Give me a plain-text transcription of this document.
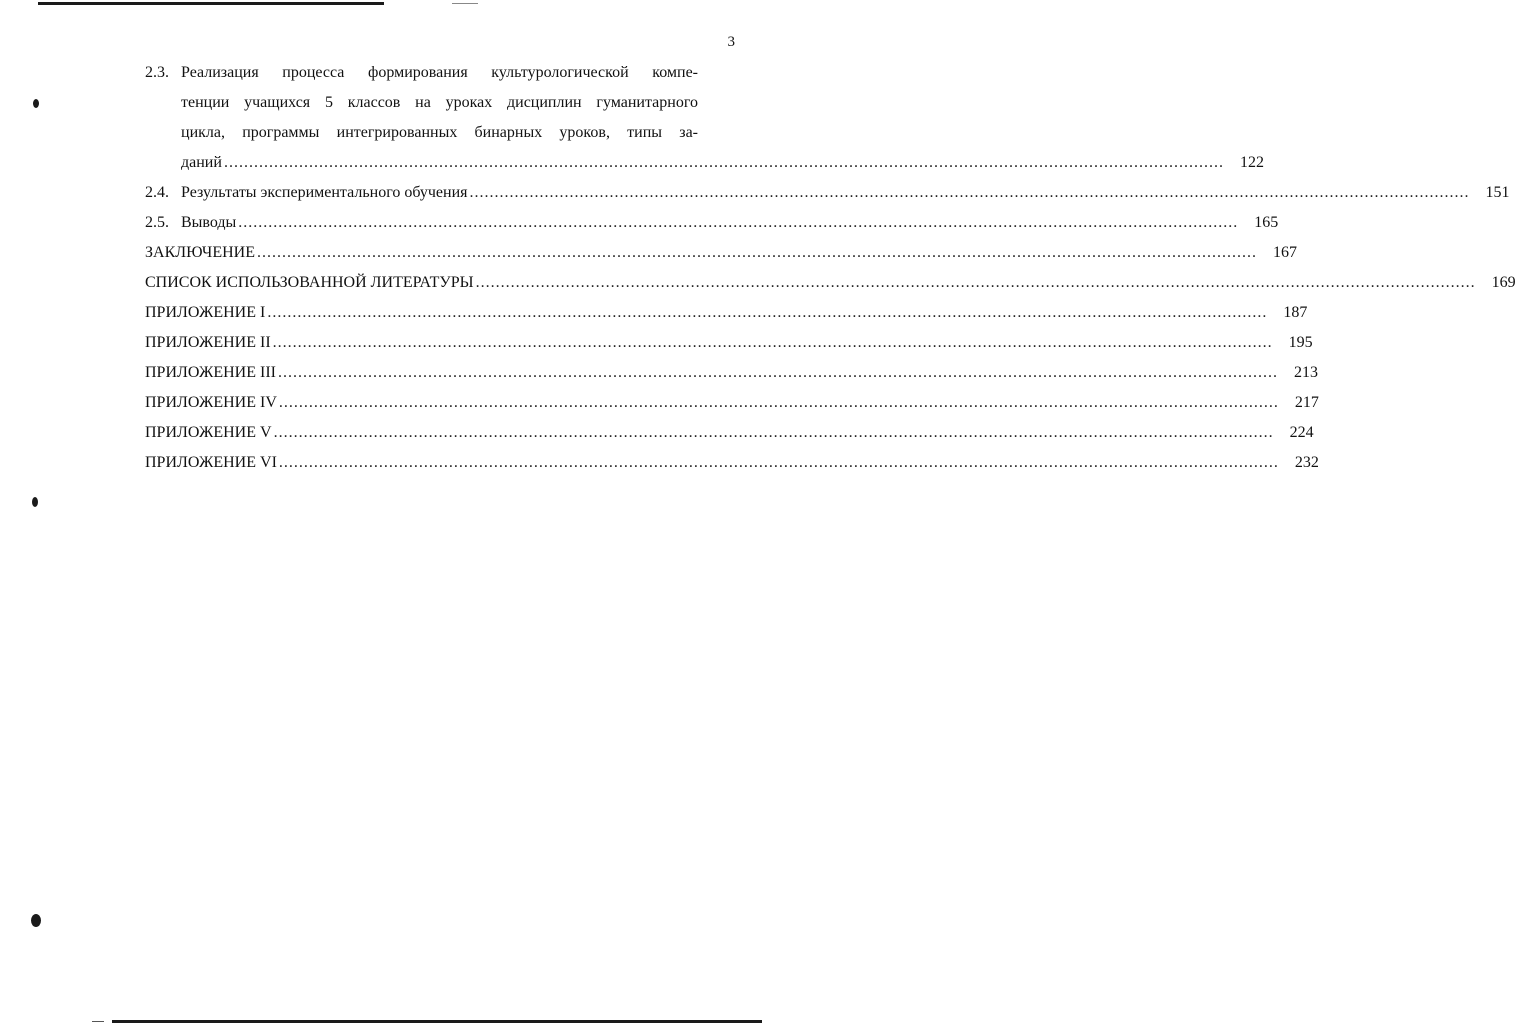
3
2.3. Реализация процесса формирования культурологической компе-
тенции учащихся 5 классов на уроках дисциплин гуманитарного
цикла, программы интегрированных бинарных уроков, типы за-
даний ........................................................................................................................................................................................................	122
2.4. Результаты экспериментального обучения ........................................................................................................................................................................................................	151
2.5. Выводы ........................................................................................................................................................................................................	165
ЗАКЛЮЧЕНИЕ ........................................................................................................................................................................................................	167
СПИСОК ИСПОЛЬЗОВАННОЙ ЛИТЕРАТУРЫ ........................................................................................................................................................................................................	169
ПРИЛОЖЕНИЕ I ........................................................................................................................................................................................................	187
ПРИЛОЖЕНИЕ II ........................................................................................................................................................................................................	195
ПРИЛОЖЕНИЕ III ........................................................................................................................................................................................................	213
ПРИЛОЖЕНИЕ IV ........................................................................................................................................................................................................	217
ПРИЛОЖЕНИЕ V ........................................................................................................................................................................................................	224
ПРИЛОЖЕНИЕ VI ........................................................................................................................................................................................................	232
